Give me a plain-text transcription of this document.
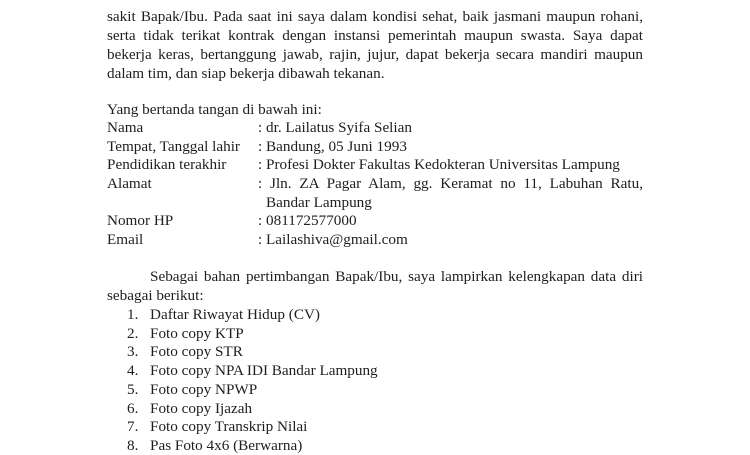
sakit Bapak/Ibu. Pada saat ini saya dalam kondisi sehat, baik jasmani maupun rohani,
serta tidak terikat kontrak dengan instansi pemerintah maupun swasta. Saya dapat
bekerja keras, bertanggung jawab, rajin, jujur, dapat bekerja secara mandiri maupun
dalam tim, dan siap bekerja dibawah tekanan.
Yang bertanda tangan di bawah ini:
Nama	: dr. Lailatus Syifa Selian
Tempat, Tanggal lahir : Bandung, 05 Juni 1993
Pendidikan terakhir : Profesi Dokter Fakultas Kedokteran Universitas Lampung
Alamat	: Jln. ZA Pagar Alam, gg. Keramat no 11, Labuhan Ratu,
Bandar Lampung
Nomor HP	: 081172577000
Email	: Lailashiva@gmail.com
Sebagai bahan pertimbangan Bapak/Ibu, saya lampirkan kelengkapan data diri
sebagai berikut:
1. Daftar Riwayat Hidup (CV)
2. Foto copy KTP
3. Foto copy STR
4. Foto copy NPA IDI Bandar Lampung
5. Foto copy NPWP
6. Foto copy Ijazah
7. Foto copy Transkrip Nilai
8. Pas Foto 4x6 (Berwarna)
